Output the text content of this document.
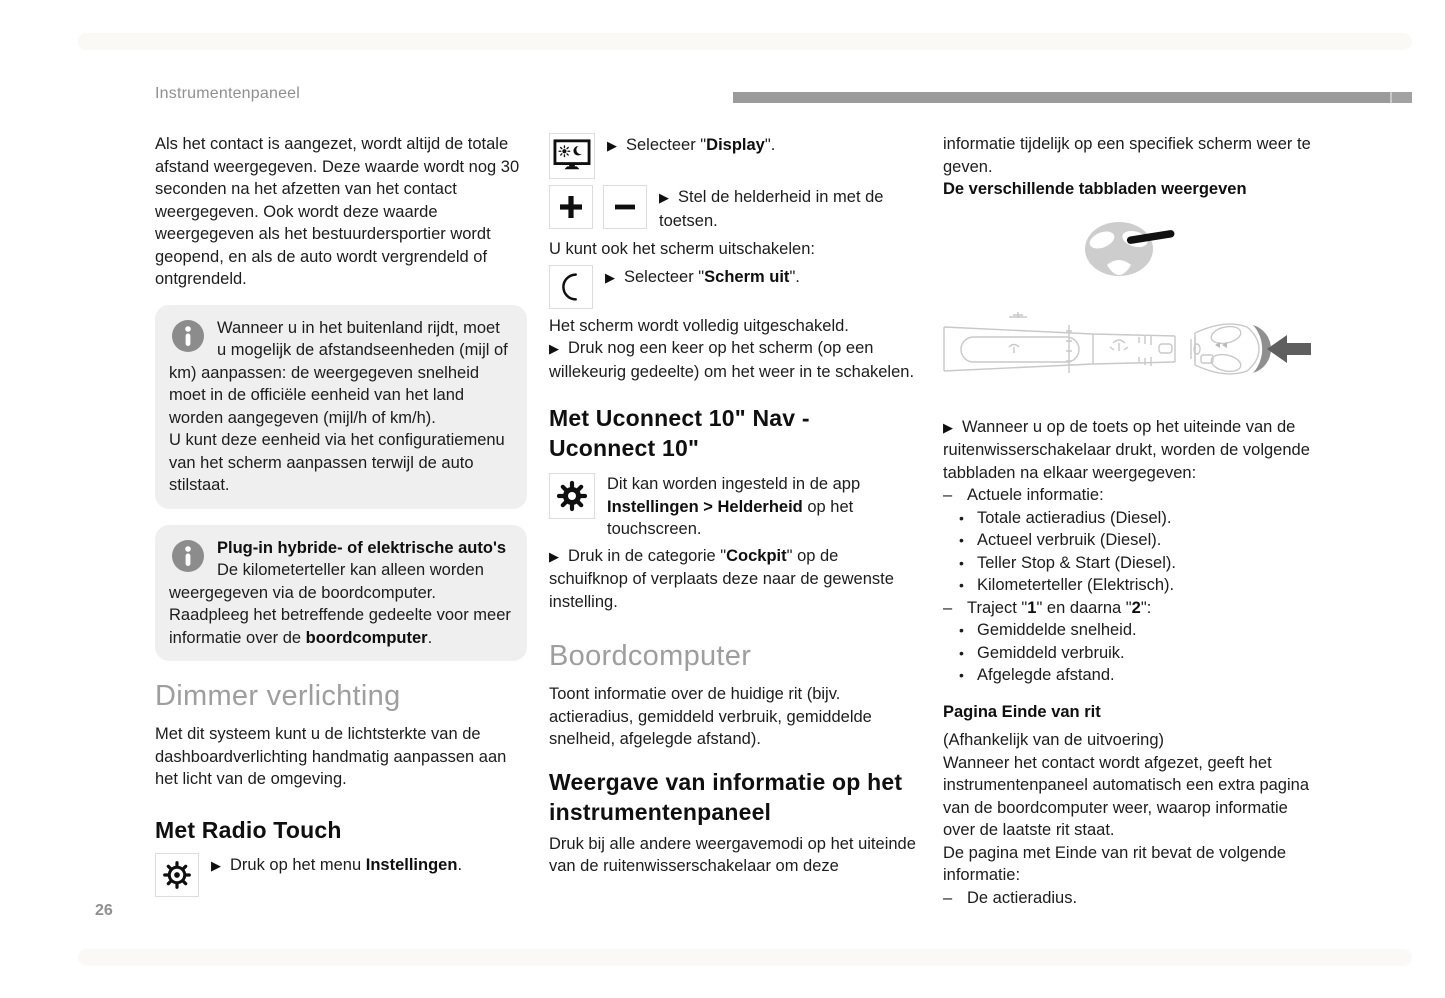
Instrumentenpaneel

Als het contact is aangezet, wordt altijd de totale afstand weergegeven. Deze waarde wordt nog 30 seconden na het afzetten van het contact weergegeven. Ook wordt deze waarde weergegeven als het bestuurdersportier wordt geopend, en als de auto wordt vergrendeld of ontgrendeld.

Wanneer u in het buitenland rijdt, moet u mogelijk de afstandseenheden (mijl of km) aanpassen: de weergegeven snelheid moet in de officiële eenheid van het land worden aangegeven (mijl/h of km/h).
U kunt deze eenheid via het configuratiemenu van het scherm aanpassen terwijl de auto stilstaat.
Plug-in hybride- of elektrische auto's De kilometerteller kan alleen worden weergegeven via de boordcomputer. Raadpleeg het betreffende gedeelte voor meer informatie over de boordcomputer.
Dimmer verlichting

Met dit systeem kunt u de lichtsterkte van de dashboardverlichting handmatig aanpassen aan het licht van de omgeving.

Met Radio Touch
▶ Druk op het menu Instellingen.
▶ Selecteer "Display".
▶ Stel de helderheid in met de toetsen.

U kunt ook het scherm uitschakelen:

▶ Selecteer "Scherm uit".

Het scherm wordt volledig uitgeschakeld.

▶ Druk nog een keer op het scherm (op een willekeurig gedeelte) om het weer in te schakelen.

Met Uconnect 10" Nav - Uconnect 10"
Dit kan worden ingesteld in de app Instellingen > Helderheid op het touchscreen.

▶ Druk in de categorie "Cockpit" op de schuifknop of verplaats deze naar de gewenste instelling.

Boordcomputer

Toont informatie over de huidige rit (bijv. actieradius, gemiddeld verbruik, gemiddelde snelheid, afgelegde afstand).

Weergave van informatie op het instrumentenpaneel

Druk bij alle andere weergavemodi op het uiteinde van de ruitenwisserschakelaar om deze

informatie tijdelijk op een specifiek scherm weer te geven.

De verschillende tabbladen weergeven

▶ Wanneer u op de toets op het uiteinde van de ruitenwisserschakelaar drukt, worden de volgende tabbladen na elkaar weergegeven:

– Actuele informatie:
• Totale actieradius (Diesel).
• Actueel verbruik (Diesel).
• Teller Stop & Start (Diesel).
• Kilometerteller (Elektrisch).
– Traject "1" en daarna "2":
• Gemiddelde snelheid.
• Gemiddeld verbruik.
• Afgelegde afstand.

Pagina Einde van rit

(Afhankelijk van de uitvoering)

Wanneer het contact wordt afgezet, geeft het instrumentenpaneel automatisch een extra pagina van de boordcomputer weer, waarop informatie over de laatste rit staat.

De pagina met Einde van rit bevat de volgende informatie:

– De actieradius.
26
